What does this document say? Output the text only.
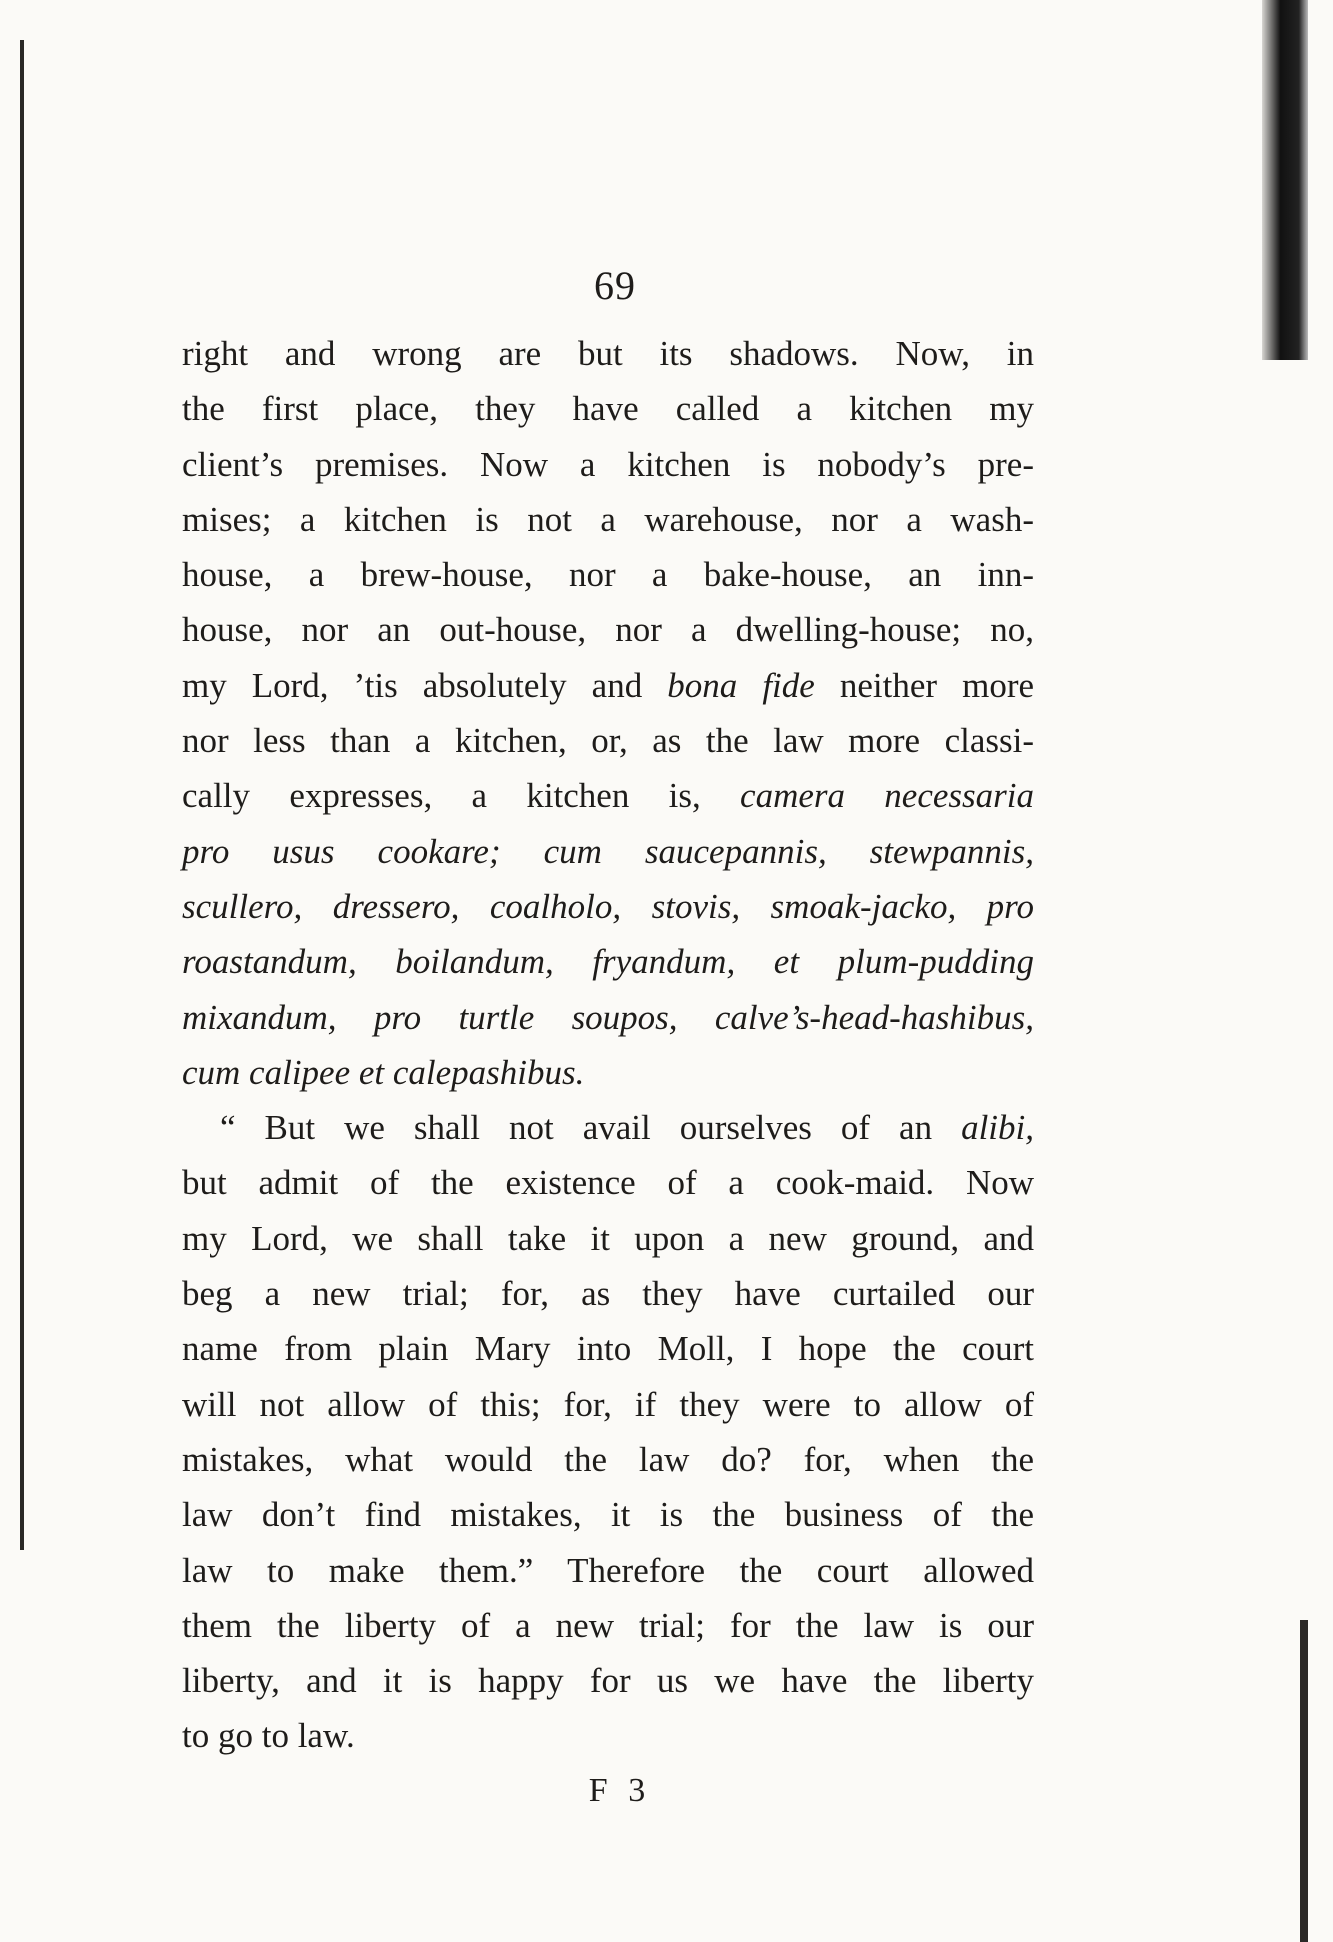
69
right and wrong are but its shadows. Now, in
the first place, they have called a kitchen my
client’s premises. Now a kitchen is nobody’s pre-
mises; a kitchen is not a warehouse, nor a wash-
house, a brew-house, nor a bake-house, an inn-
house, nor an out-house, nor a dwelling-house; no,
my Lord, ’tis absolutely and bona fide neither more
nor less than a kitchen, or, as the law more classi-
cally expresses, a kitchen is, camera necessaria
pro usus cookare; cum saucepannis, stewpannis,
scullero, dressero, coalholo, stovis, smoak-jacko, pro
roastandum, boilandum, fryandum, et plum-pudding
mixandum, pro turtle soupos, calve’s-head-hashibus,
cum calipee et calepashibus.
“ But we shall not avail ourselves of an alibi,
but admit of the existence of a cook-maid. Now
my Lord, we shall take it upon a new ground, and
beg a new trial; for, as they have curtailed our
name from plain Mary into Moll, I hope the court
will not allow of this; for, if they were to allow of
mistakes, what would the law do? for, when the
law don’t find mistakes, it is the business of the
law to make them.” Therefore the court allowed
them the liberty of a new trial; for the law is our
liberty, and it is happy for us we have the liberty
to go to law.
F 3
